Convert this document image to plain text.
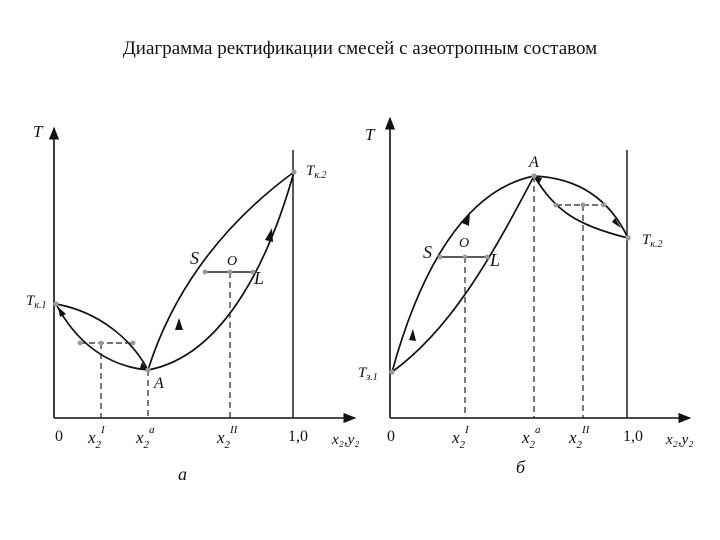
Диаграмма ректификации смесей с азеотропным составом
T
x₂,y₂
0	1,0
$Т_{к.1}$
$Т_{к.2}$
A
S O
L
$x_2^I$ $x_2^a$	$x_2^{II}$
а
T
x₂,y₂
0	1,0
$Т_{з.1}$
$Т_{к.2}$
A
S O
L
$x_2^I$	$x_2^a$ $x_2^{II}$
б
